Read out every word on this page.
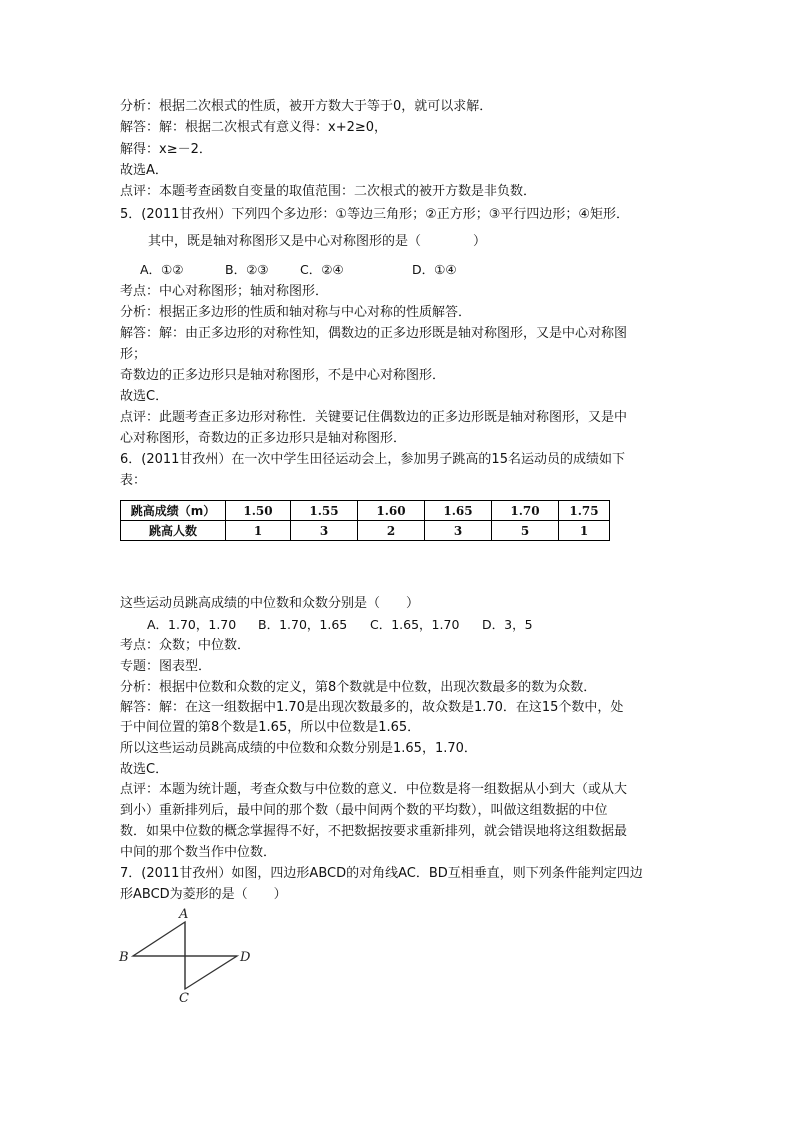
分析：根据二次根式的性质，被开方数大于等于0，就可以求解．
解答：解：根据二次根式有意义得：x+2≥0，
解得：x≥－2．
故选A．
点评：本题考查函数自变量的取值范围：二次根式的被开方数是非负数．
5．(2011甘孜州）下列四个多边形：①等边三角形；②正方形；③平行四边形；④矩形．
其中，既是轴对称图形又是中心对称图形的是（　　　　）
A．①②	B．②③	C．②④	D．①④
考点：中心对称图形；轴对称图形．
分析：根据正多边形的性质和轴对称与中心对称的性质解答．
解答：解：由正多边形的对称性知，偶数边的正多边形既是轴对称图形，又是中心对称图
形；
奇数边的正多边形只是轴对称图形，不是中心对称图形．
故选C．
点评：此题考查正多边形对称性．关键要记住偶数边的正多边形既是轴对称图形，又是中
心对称图形，奇数边的正多边形只是轴对称图形．
6．(2011甘孜州）在一次中学生田径运动会上，参加男子跳高的15名运动员的成绩如下
表：
跳高成绩（m）	1.50	1.55	1.60	1.65	1.70	1.75
跳高人数	1	3	2	3	5	1
这些运动员跳高成绩的中位数和众数分别是（　　）
A．1.70，1.70 B．1.70，1.65 C．1.65，1.70 D．3，5
考点：众数；中位数．
专题：图表型．
分析：根据中位数和众数的定义，第8个数就是中位数，出现次数最多的数为众数．
解答：解：在这一组数据中1.70是出现次数最多的，故众数是1.70．在这15个数中，处
于中间位置的第8个数是1.65，所以中位数是1.65．
所以这些运动员跳高成绩的中位数和众数分别是1.65，1.70．
故选C．
点评：本题为统计题，考查众数与中位数的意义．中位数是将一组数据从小到大（或从大
到小）重新排列后，最中间的那个数（最中间两个数的平均数），叫做这组数据的中位
数．如果中位数的概念掌握得不好，不把数据按要求重新排列，就会错误地将这组数据最
中间的那个数当作中位数．
7．(2011甘孜州）如图，四边形ABCD的对角线AC．BD互相垂直，则下列条件能判定四边
形ABCD为菱形的是（　　）
A
B	D
C
